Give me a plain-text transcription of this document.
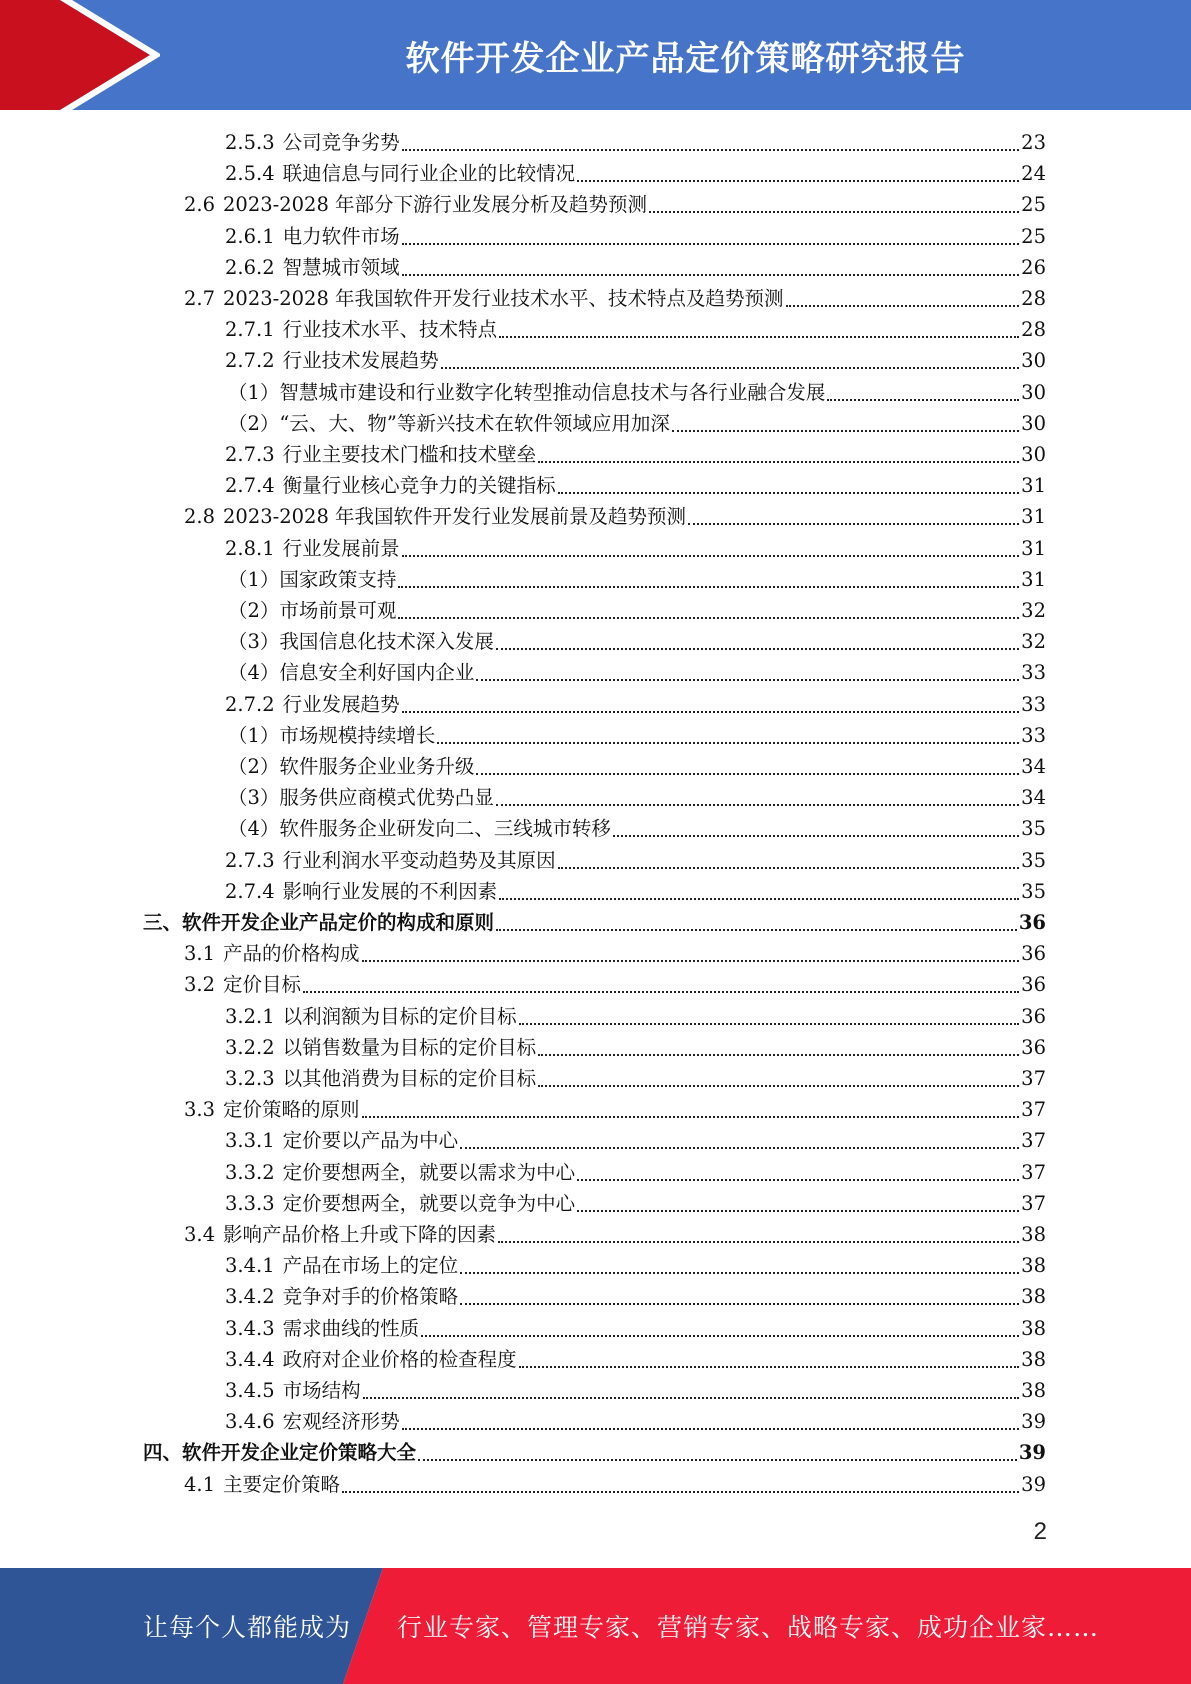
软件开发企业产品定价策略研究报告
2.5.3 公司竞争劣势	23
2.5.4 联迪信息与同行业企业的比较情况	24
2.6 2023-2028 年部分下游行业发展分析及趋势预测	25
2.6.1 电力软件市场	25
2.6.2 智慧城市领域	26
2.7 2023-2028 年我国软件开发行业技术水平、技术特点及趋势预测	28
2.7.1 行业技术水平、技术特点	28
2.7.2 行业技术发展趋势	30
（1） 智慧城市建设和行业数字化转型推动信息技术与各行业融合发展	30
（2） “云、大、物”等新兴技术在软件领域应用加深	30
2.7.3 行业主要技术门槛和技术壁垒	30
2.7.4 衡量行业核心竞争力的关键指标	31
2.8 2023-2028 年我国软件开发行业发展前景及趋势预测	31
2.8.1 行业发展前景	31
（1） 国家政策支持	31
（2） 市场前景可观	32
（3） 我国信息化技术深入发展	32
（4） 信息安全利好国内企业	33
2.7.2 行业发展趋势	33
（1） 市场规模持续增长	33
（2） 软件服务企业业务升级	34
（3） 服务供应商模式优势凸显	34
（4） 软件服务企业研发向二、三线城市转移	35
2.7.3 行业利润水平变动趋势及其原因	35
2.7.4 影响行业发展的不利因素	35
三、 软件开发企业产品定价的构成和原则	36
3.1 产品的价格构成	36
3.2 定价目标	36
3.2.1 以利润额为目标的定价目标	36
3.2.2 以销售数量为目标的定价目标	36
3.2.3 以其他消费为目标的定价目标	37
3.3 定价策略的原则	37
3.3.1 定价要以产品为中心	37
3.3.2 定价要想两全，就要以需求为中心	37
3.3.3 定价要想两全，就要以竞争为中心	37
3.4 影响产品价格上升或下降的因素	38
3.4.1 产品在市场上的定位	38
3.4.2 竞争对手的价格策略	38
3.4.3 需求曲线的性质	38
3.4.4 政府对企业价格的检查程度	38
3.4.5 市场结构	38
3.4.6 宏观经济形势	39
四、 软件开发企业定价策略大全	39
4.1 主要定价策略	39
2
让每个人都能成为 行业专家、管理专家、营销专家、战略专家、成功企业家……
